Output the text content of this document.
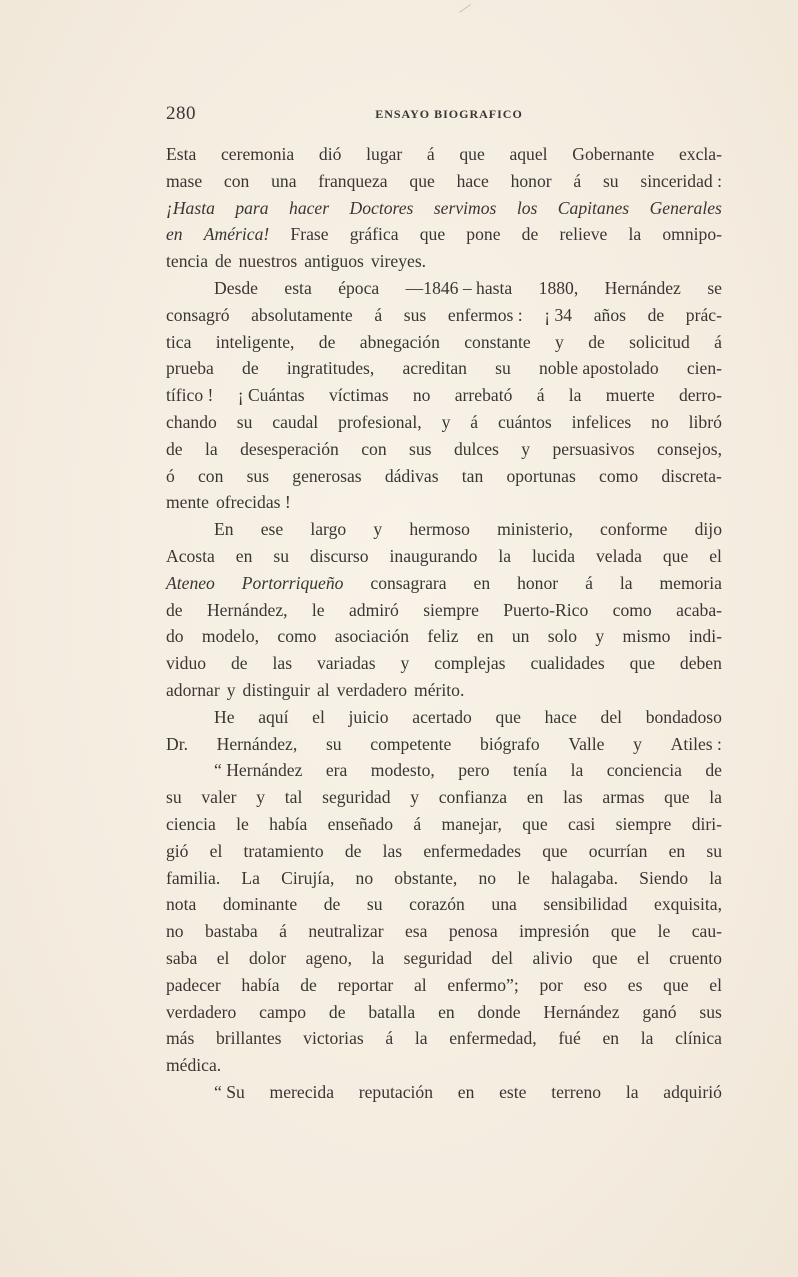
280	ENSAYO BIOGRAFICO
Esta ceremonia dió lugar á que aquel Gobernante excla-
mase con una franqueza que hace honor á su sinceridad :
¡Hasta para hacer Doctores servimos los Capitanes Generales
en América! Frase gráfica que pone de relieve la omnipo-
tencia de nuestros antiguos vireyes.
Desde esta época —1846 – hasta 1880, Hernández se
consagró absolutamente á sus enfermos : ¡ 34 años de prác-
tica inteligente, de abnegación constante y de solicitud á
prueba de ingratitudes, acreditan su noble apostolado cien-
tífico ! ¡ Cuántas víctimas no arrebató á la muerte derro-
chando su caudal profesional, y á cuántos infelices no libró
de la desesperación con sus dulces y persuasivos consejos,
ó con sus generosas dádivas tan oportunas como discreta-
mente ofrecidas !
En ese largo y hermoso ministerio, conforme dijo
Acosta en su discurso inaugurando la lucida velada que el
Ateneo Portorriqueño consagrara en honor á la memoria
de Hernández, le admiró siempre Puerto-Rico como acaba-
do modelo, como asociación feliz en un solo y mismo indi-
viduo de las variadas y complejas cualidades que deben
adornar y distinguir al verdadero mérito.
He aquí el juicio acertado que hace del bondadoso
Dr. Hernández, su competente biógrafo Valle y Atiles :
“ Hernández era modesto, pero tenía la conciencia de
su valer y tal seguridad y confianza en las armas que la
ciencia le había enseñado á manejar, que casi siempre diri-
gió el tratamiento de las enfermedades que ocurrían en su
familia. La Cirujía, no obstante, no le halagaba. Siendo la
nota dominante de su corazón una sensibilidad exquisita,
no bastaba á neutralizar esa penosa impresión que le cau-
saba el dolor ageno, la seguridad del alivio que el cruento
padecer había de reportar al enfermo”; por eso es que el
verdadero campo de batalla en donde Hernández ganó sus
más brillantes victorias á la enfermedad, fué en la clínica
médica.
“ Su merecida reputación en este terreno la adquirió
